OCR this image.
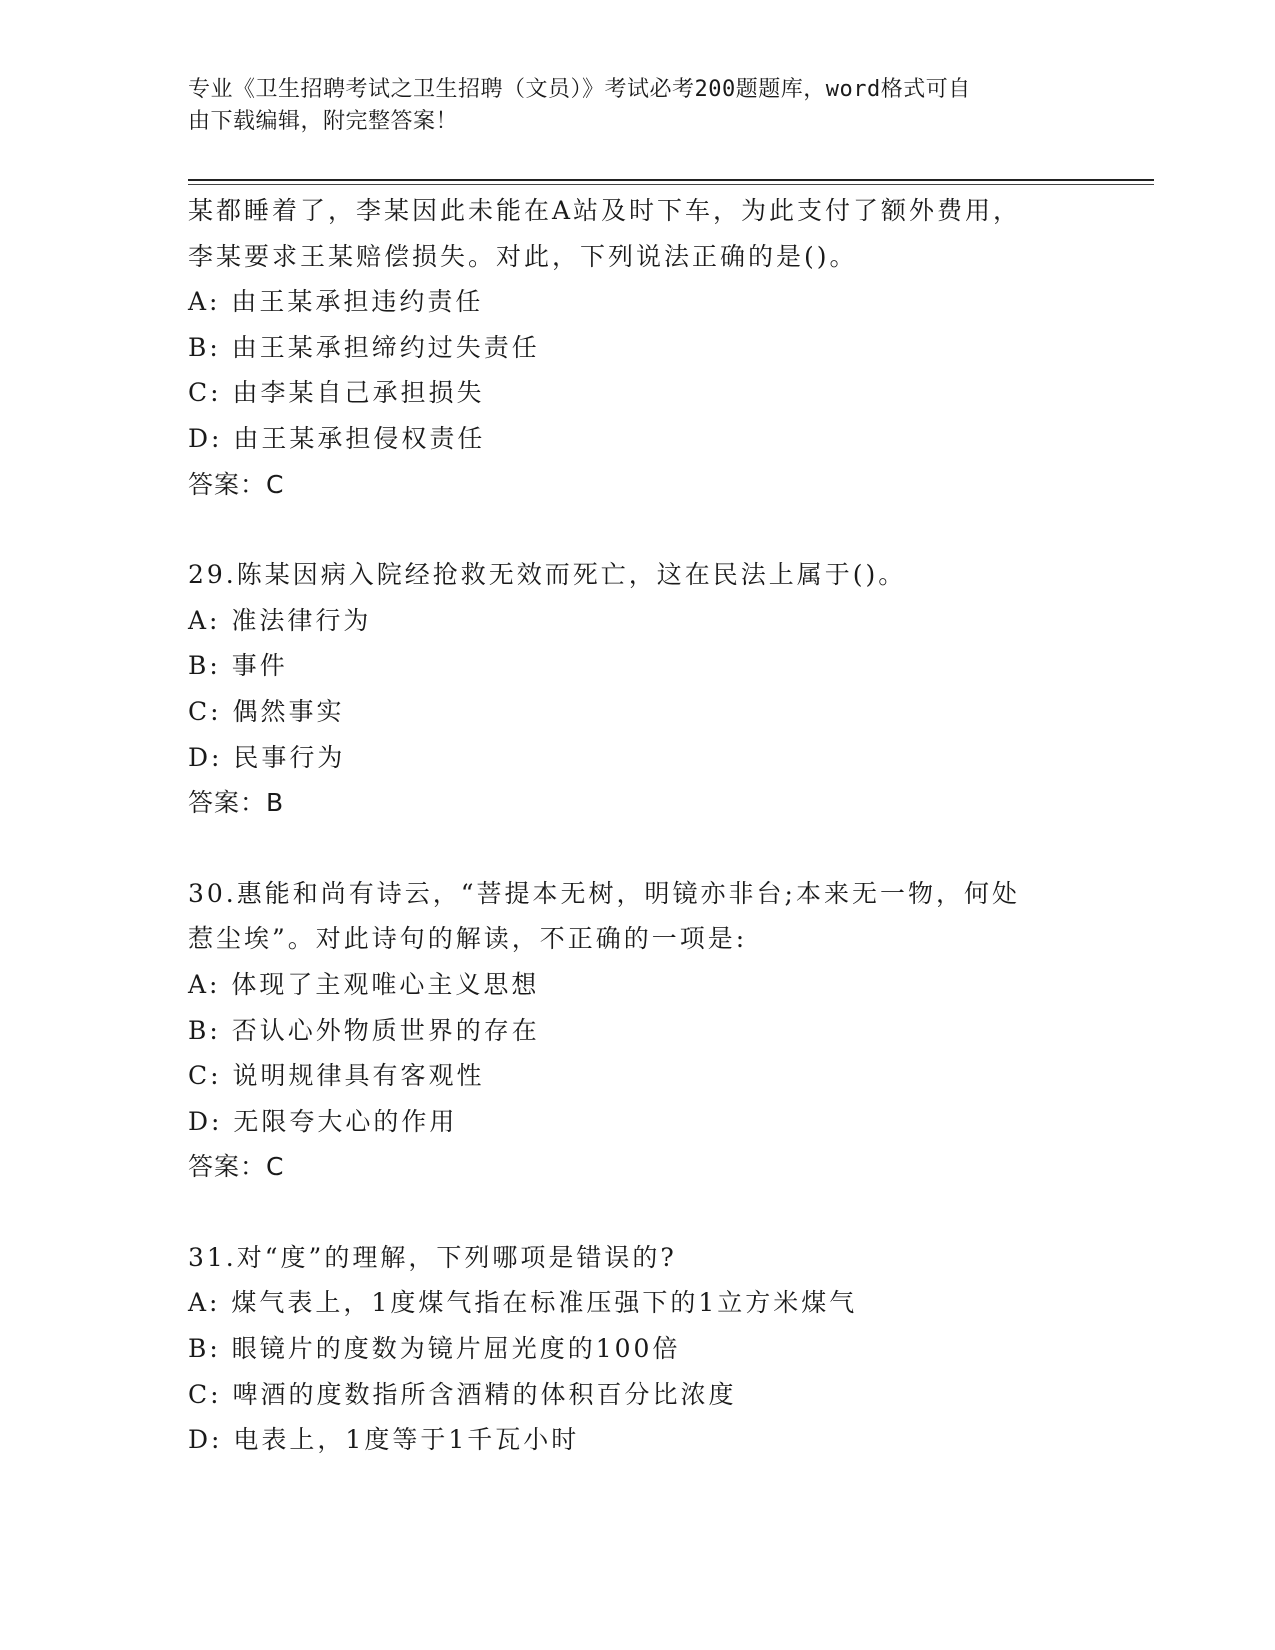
专业《卫生招聘考试之卫生招聘（文员）》考试必考200题题库，word格式可自
由下载编辑，附完整答案！
某都睡着了，李某因此未能在A站及时下车，为此支付了额外费用，
李某要求王某赔偿损失。对此，下列说法正确的是()。
A: 由王某承担违约责任
B: 由王某承担缔约过失责任
C: 由李某自己承担损失
D: 由王某承担侵权责任
答案：C
29.陈某因病入院经抢救无效而死亡，这在民法上属于()。
A: 准法律行为
B: 事件
C: 偶然事实
D: 民事行为
答案：B
30.惠能和尚有诗云，“菩提本无树，明镜亦非台;本来无一物，何处
惹尘埃”。对此诗句的解读，不正确的一项是:
A: 体现了主观唯心主义思想
B: 否认心外物质世界的存在
C: 说明规律具有客观性
D: 无限夸大心的作用
答案：C
31.对“度”的理解，下列哪项是错误的?
A: 煤气表上，1度煤气指在标准压强下的1立方米煤气
B: 眼镜片的度数为镜片屈光度的100倍
C: 啤酒的度数指所含酒精的体积百分比浓度
D: 电表上，1度等于1千瓦小时
